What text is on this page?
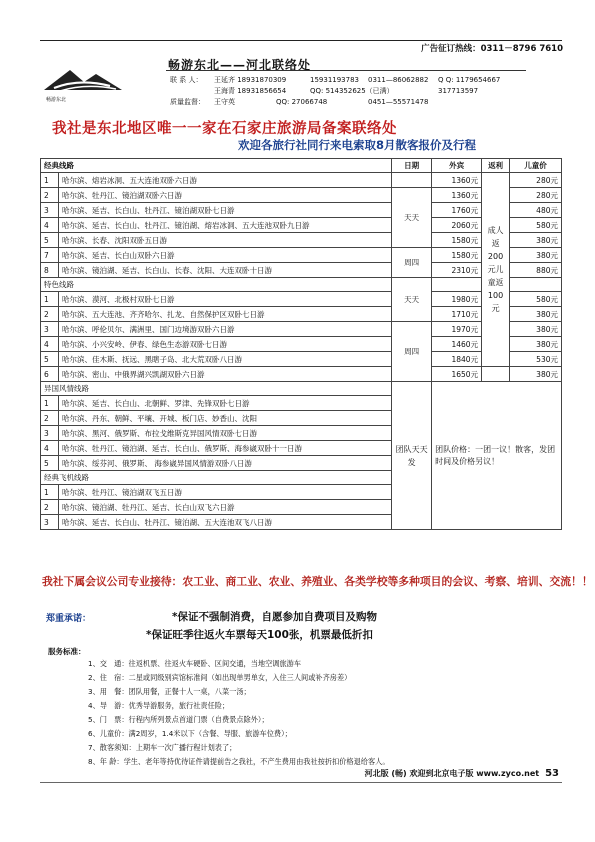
广告征订热线：0311－8796 7610
畅游东北
畅游东北——河北联络处
联 系 人： 王延齐 18931870309	15931193783 0311—86062882 Q Q: 1179654667
王海青 18931856654	QQ: 514352625（已满）	317713597
质量监督： 王守英	QQ: 27066748	0451—55571478
我社是东北地区唯一一家在石家庄旅游局备案联络处
欢迎各旅行社同行来电索取8月散客报价及行程
经典线路		日期	外宾	返利	儿童价
1	哈尔滨、熔岩冰洞、五大连池双卧六日游		1360元	成人返200元儿童返100元	280元
2	哈尔滨、牡丹江、镜泊湖双卧六日游	天天	1360元		280元
3	哈尔滨、延吉、长白山、牡丹江、镜泊湖双卧七日游		1760元		480元
4	哈尔滨、延吉、长白山、牡丹江、镜泊湖、熔岩冰洞、五大连池双卧九日游		2060元		580元
5	哈尔滨、长春、沈阳双卧五日游		1580元		380元
7	哈尔滨、延吉、长白山双卧六日游	周四	1580元		380元
8	哈尔滨、镜泊湖、延吉、长白山、长春、沈阳、大连双卧十日游		2310元		880元
特色线路		天天			
1	哈尔滨、漠河、北极村双卧七日游		1980元		580元
2	哈尔滨、五大连池、齐齐哈尔、扎龙、自然保护区双卧七日游		1710元		380元
3	哈尔滨、呼伦贝尔、满洲里、国门边境游双卧六日游	周四	1970元		380元
4	哈尔滨、小兴安岭、伊春、绿色生态游双卧七日游		1460元		380元
5	哈尔滨、佳木斯、抚远、黑瞎子岛、北大荒双卧八日游		1840元		530元
6	哈尔滨、密山、中俄界湖兴凯湖双卧六日游		1650元		380元
异国风情线路		团队天天发	团队价格：一团一议！散客，发团时间及价格另议！		
1	哈尔滨、延吉、长白山、北朝鲜、罗津、先锋双卧七日游				
2	哈尔滨、丹东、朝鲜、平壤、开城、板门店、妙香山、沈阳				
3	哈尔滨、黑河、俄罗斯、布拉戈维斯克异国风情双卧七日游				
4	哈尔滨、牡丹江、镜泊湖、延吉、长白山、俄罗斯、海参崴双卧十一日游				
5	哈尔滨、绥芬河、俄罗斯、 海参崴异国风情游双卧八日游				
经典飞机线路					
1	哈尔滨、牡丹江、镜泊湖双飞五日游				
2	哈尔滨、镜泊湖、牡丹江、延吉、长白山双飞六日游				
3	哈尔滨、延吉、长白山、牡丹江、镜泊湖、五大连池双飞八日游				
我社下属会议公司专业接待：农工业、商工业、农业、养殖业、各类学校等多种项目的会议、考察、培训、交流！！
郑重承诺：	*保证不强制消费，自愿参加自费项目及购物
*保证旺季往返火车票每天100张，机票最低折扣
服务标准：
1、交　通：往返机票、往返火车硬卧、区间交通，当地空调旅游车
2、住　宿：二星或同级别宾馆标准间（如出现单男单女，入住三人间或补齐房差）
3、用　餐：团队用餐，正餐十人一桌，八菜一汤；
4、导　游：优秀导游服务，旅行社责任险；
5、门　票：行程内所列景点首道门票（自费景点除外）；
6、儿童价：满2周岁，1.4米以下（含餐、导服、旅游车位费）；
7、散客须知：上期车一次广播行程计划表了；
8、年 龄：学生、老年等持优待证件请提前告之我社，不产生费用由我社按折扣价格退给客人。
河北版 (畅) 欢迎到北京电子版 www.zyco.net 53
